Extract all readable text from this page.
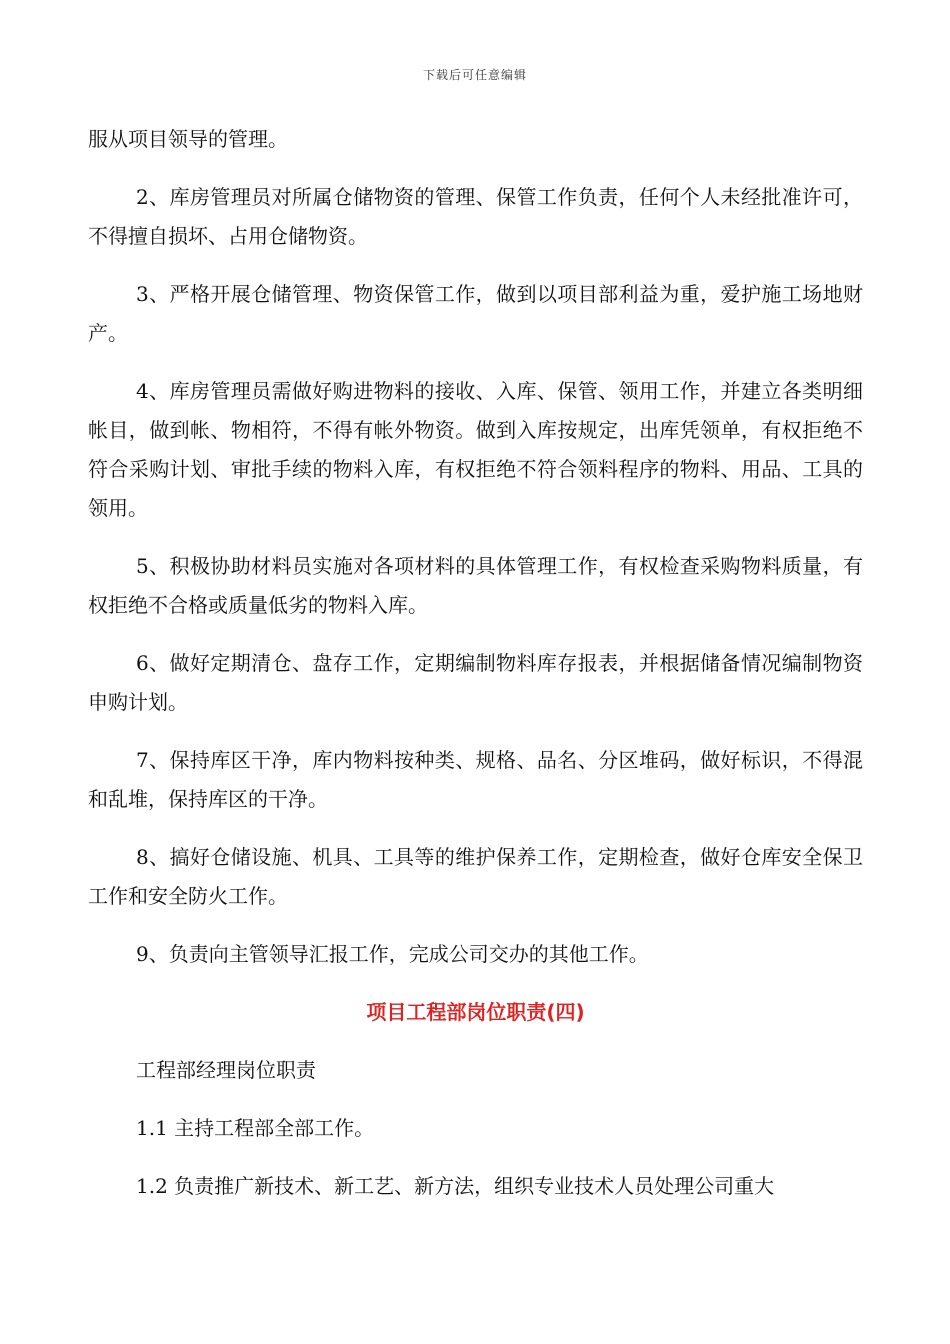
下载后可任意编辑

服从项目领导的管理。

2、库房管理员对所属仓储物资的管理、保管工作负责，任何个人未经批准许可，不得擅自损坏、占用仓储物资。

3、严格开展仓储管理、物资保管工作，做到以项目部利益为重，爱护施工场地财产。

4、库房管理员需做好购进物料的接收、入库、保管、领用工作，并建立各类明细帐目，做到帐、物相符，不得有帐外物资。做到入库按规定，出库凭领单，有权拒绝不符合采购计划、审批手续的物料入库，有权拒绝不符合领料程序的物料、用品、工具的领用。

5、积极协助材料员实施对各项材料的具体管理工作，有权检查采购物料质量，有权拒绝不合格或质量低劣的物料入库。

6、做好定期清仓、盘存工作，定期编制物料库存报表，并根据储备情况编制物资申购计划。

7、保持库区干净，库内物料按种类、规格、品名、分区堆码，做好标识，不得混和乱堆，保持库区的干净。

8、搞好仓储设施、机具、工具等的维护保养工作，定期检查，做好仓库安全保卫工作和安全防火工作。

9、负责向主管领导汇报工作，完成公司交办的其他工作。

项目工程部岗位职责(四)

工程部经理岗位职责

1.1 主持工程部全部工作。

1.2 负责推广新技术、新工艺、新方法，组织专业技术人员处理公司重大
